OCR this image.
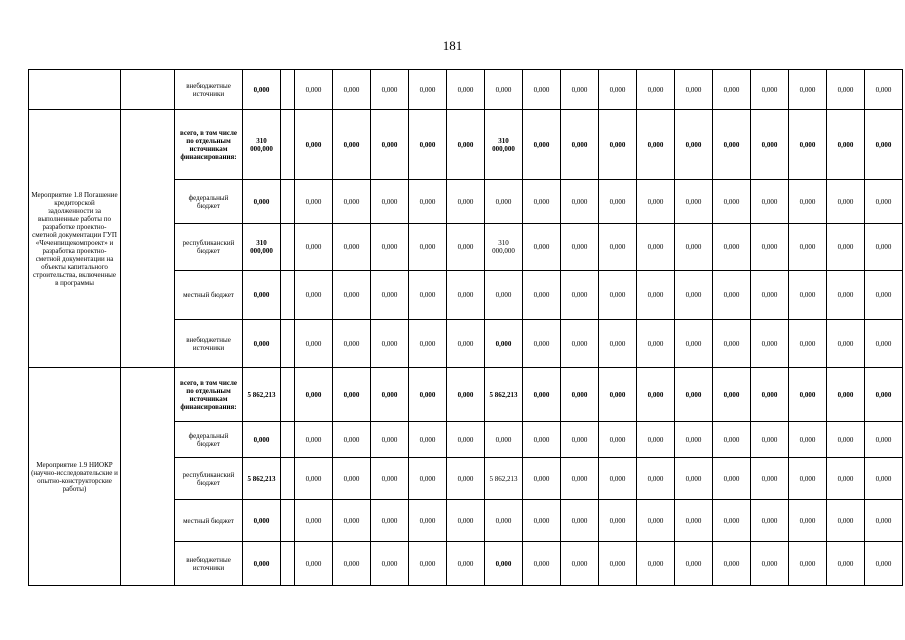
181
		внебюджетные источники	0,000		0,000	0,000	0,000	0,000	0,000	0,000	0,000	0,000	0,000	0,000	0,000	0,000	0,000	0,000	0,000	0,000
Мероприятие 1.8 Погашение кредиторской задолженности за выполненные работы по разработке проектно-сметной документации ГУП «Чеченпищекомпроект» и разработка проектно-сметной документации на объекты капитального строительства, включенные в программы		всего, в том числе по отдельным источникам финансирования:	310 000,000		0,000	0,000	0,000	0,000	0,000	310 000,000	0,000	0,000	0,000	0,000	0,000	0,000	0,000	0,000	0,000	0,000
		федеральный бюджет	0,000		0,000	0,000	0,000	0,000	0,000	0,000	0,000	0,000	0,000	0,000	0,000	0,000	0,000	0,000	0,000	0,000
		республиканский бюджет	310 000,000		0,000	0,000	0,000	0,000	0,000	310 000,000	0,000	0,000	0,000	0,000	0,000	0,000	0,000	0,000	0,000	0,000
		местный бюджет	0,000		0,000	0,000	0,000	0,000	0,000	0,000	0,000	0,000	0,000	0,000	0,000	0,000	0,000	0,000	0,000	0,000
		внебюджетные источники	0,000		0,000	0,000	0,000	0,000	0,000	0,000	0,000	0,000	0,000	0,000	0,000	0,000	0,000	0,000	0,000	0,000
Мероприятие 1.9 НИОКР (научно-исследовательские и опытно-конструкторские работы)		всего, в том числе по отдельным источникам финансирования:	5 862,213		0,000	0,000	0,000	0,000	0,000	5 862,213	0,000	0,000	0,000	0,000	0,000	0,000	0,000	0,000	0,000	0,000
		федеральный бюджет	0,000		0,000	0,000	0,000	0,000	0,000	0,000	0,000	0,000	0,000	0,000	0,000	0,000	0,000	0,000	0,000	0,000
		республиканский бюджет	5 862,213		0,000	0,000	0,000	0,000	0,000	5 862,213	0,000	0,000	0,000	0,000	0,000	0,000	0,000	0,000	0,000	0,000
		местный бюджет	0,000		0,000	0,000	0,000	0,000	0,000	0,000	0,000	0,000	0,000	0,000	0,000	0,000	0,000	0,000	0,000	0,000
		внебюджетные источники	0,000		0,000	0,000	0,000	0,000	0,000	0,000	0,000	0,000	0,000	0,000	0,000	0,000	0,000	0,000	0,000	0,000
